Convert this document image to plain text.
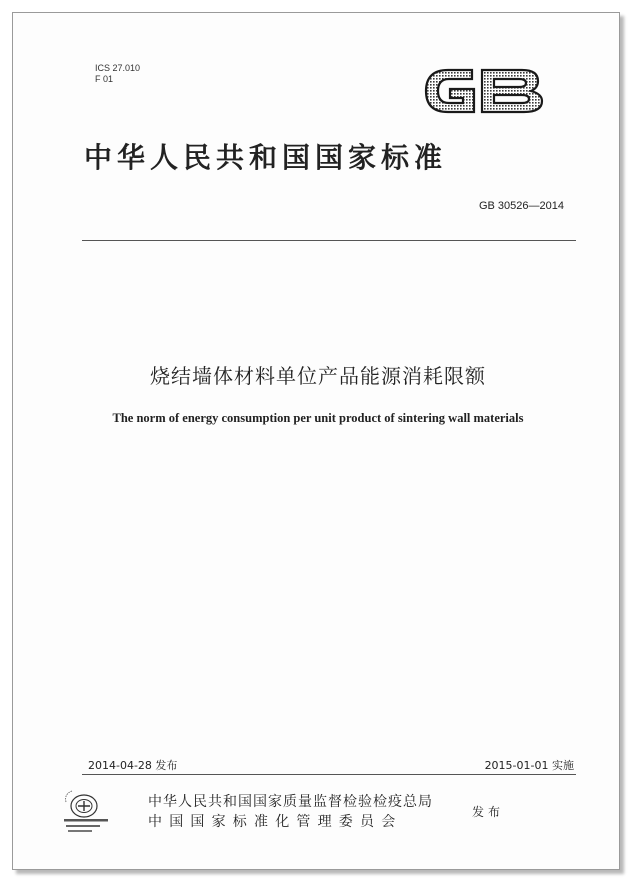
ICS 27.010
F 01
中华人民共和国国家标准
GB 30526—2014
烧结墙体材料单位产品能源消耗限额
The norm of energy consumption per unit product of sintering wall materials
2014-04-28 发布	2015-01-01 实施
中华人民共和国国家质量监督检验检疫总局
中国国家标准化管理委员会
发布
